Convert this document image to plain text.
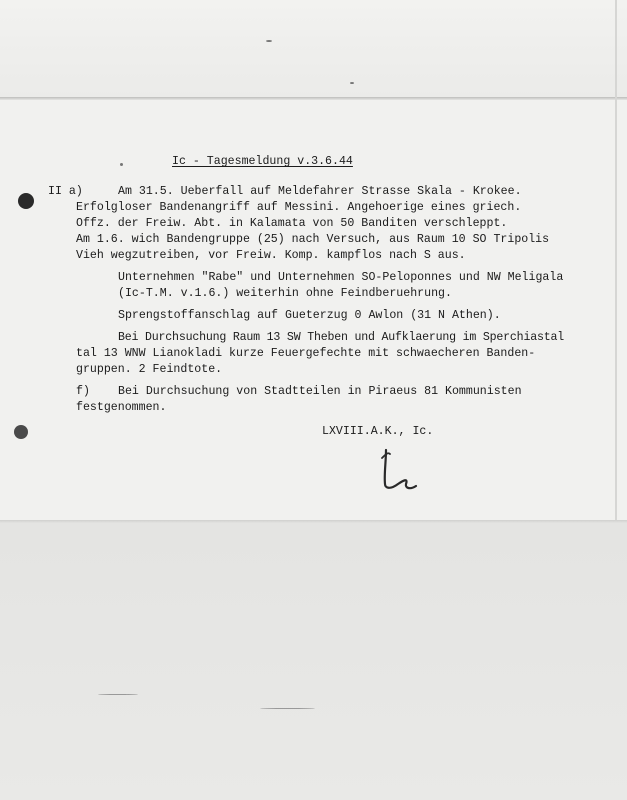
Ic - Tagesmeldung v.3.6.44
II a)	Am 31.5. Ueberfall auf Meldefahrer Strasse Skala - Krokee.
Erfolgloser Bandenangriff auf Messini. Angehoerige eines griech.
Offz. der Freiw. Abt. in Kalamata von 50 Banditen verschleppt.
Am 1.6. wich Bandengruppe (25) nach Versuch, aus Raum 10 SO Tripolis
Vieh wegzutreiben, vor Freiw. Komp. kampflos nach S aus.
Unternehmen "Rabe" und Unternehmen SO-Peloponnes und NW Meligala
(Ic-T.M. v.1.6.) weiterhin ohne Feindberuehrung.
Sprengstoffanschlag auf Gueterzug 0 Awlon (31 N Athen).
Bei Durchsuchung Raum 13 SW Theben und Aufklaerung im Sperchiastal
tal 13 WNW Lianokladi kurze Feuergefechte mit schwaecheren Banden-
gruppen. 2 Feindtote.
f) Bei Durchsuchung von Stadtteilen in Piraeus 81 Kommunisten
festgenommen.
LXVIII.A.K., Ic.
